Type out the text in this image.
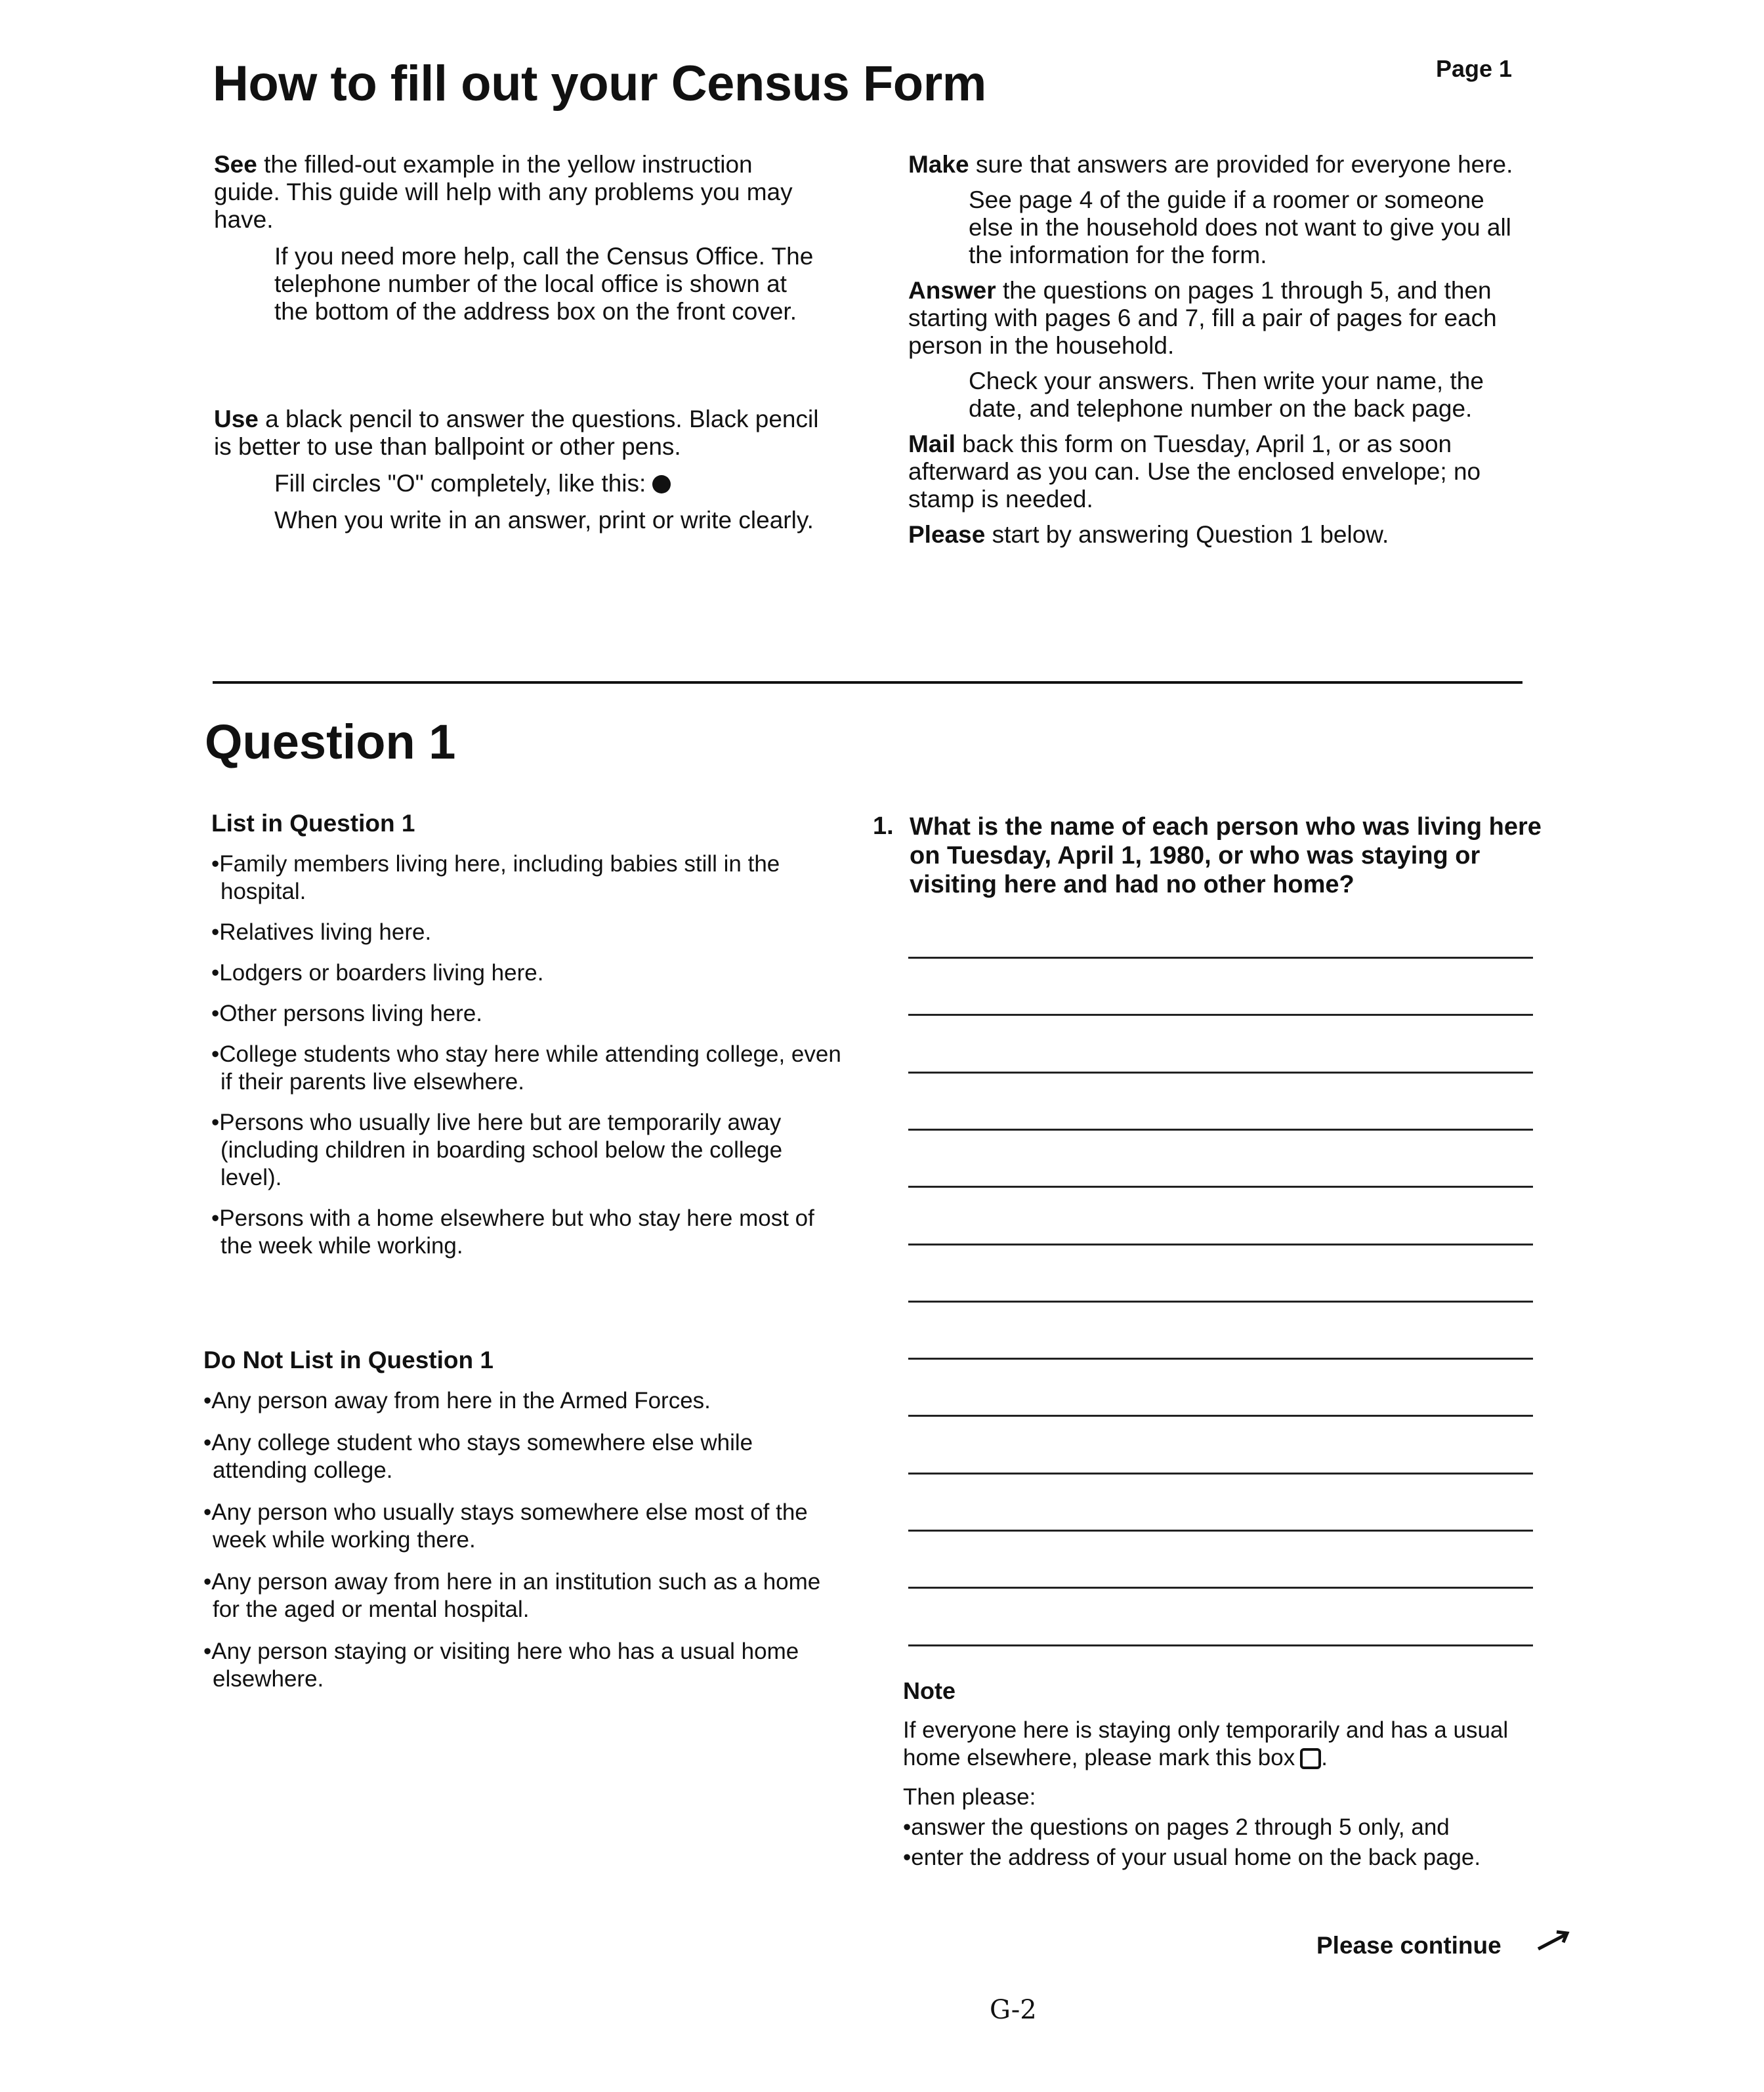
How to fill out your Census Form	Page 1

See the filled-out example in the yellow instruction guide. This guide will help with any problems you may have.

If you need more help, call the Census Office. The telephone number of the local office is shown at the bottom of the address box on the front cover.

Use a black pencil to answer the questions. Black pencil is better to use than ballpoint or other pens.

Fill circles "O" completely, like this:

When you write in an answer, print or write clearly.

Make sure that answers are provided for everyone here.

See page 4 of the guide if a roomer or someone else in the household does not want to give you all the information for the form.

Answer the questions on pages 1 through 5, and then starting with pages 6 and 7, fill a pair of pages for each person in the household.

Check your answers. Then write your name, the date, and telephone number on the back page.

Mail back this form on Tuesday, April 1, or as soon afterward as you can. Use the enclosed envelope; no stamp is needed.

Please start by answering Question 1 below.

Question 1

List in Question 1

•Family members living here, including babies still in the hospital.

•Relatives living here.

•Lodgers or boarders living here.

•Other persons living here.

•College students who stay here while attending college, even if their parents live elsewhere.

•Persons who usually live here but are temporarily away (including children in boarding school below the college level).

•Persons with a home elsewhere but who stay here most of the week while working.

Do Not List in Question 1

•Any person away from here in the Armed Forces.

•Any college student who stays somewhere else while attending college.

•Any person who usually stays somewhere else most of the week while working there.

•Any person away from here in an institution such as a home for the aged or mental hospital.

•Any person staying or visiting here who has a usual home elsewhere.

1. What is the name of each person who was living here on Tuesday, April 1, 1980, or who was staying or visiting here and had no other home?

Note

If everyone here is staying only temporarily and has a usual home elsewhere, please mark this box .

Then please:

•answer the questions on pages 2 through 5 only, and

•enter the address of your usual home on the back page.

Please continue
G-2
